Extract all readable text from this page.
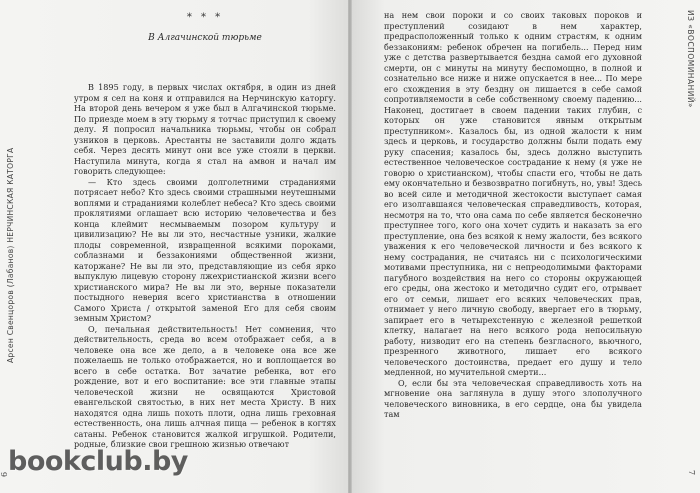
Арсен Свенцоров (Лабанов) НЕРЧИНСКАЯ КАТОРГА
* * *
В Алгачинской тюрьме

В 1895 году, в первых числах октября, в один из дней утром я сел на коня и отправился на Нерчинскую каторгу. На второй день вечером я уже был в Алгачинской тюрьме. По приезде моем в эту тюрьму я тотчас приступил к своему делу. Я попросил начальника тюрьмы, чтобы он собрал узников в церковь. Арестанты не заставили долго ждать себя. Через десять минут они все уже стояли в церкви. Наступила минута, когда я стал на амвон и начал им говорить следующее:

— Кто здесь своими долголетними страданиями потрясает небо? Кто здесь своими страшными неутешными воплями и страданиями колеблет небеса? Кто здесь своими проклятиями оглашает всю историю человечества и без конца клеймит несмываемым позором культуру и цивилизацию? Не вы ли это, несчастные узники, жалкие плоды современной, извращенной всякими пороками, соблазнами и беззакониями общественной жизни, каторжане? Не вы ли это, представляющие из себя ярко выпуклую лицевую сторону лжехристианской жизни всего христианского мира? Не вы ли это, верные показатели постыдного неверия всего христианства в отношении Самого Христа / открытой заменой Его для себя своим земным Христом?

О, печальная действительность! Нет сомнения, что действительность, среда во всем отображает себя, а в человеке она все же дело, а в человеке она все же пожелаешь не только отображается, но и воплощается во всего в себе остатка. Вот зачатие ребенка, вот его рождение, вот и его воспитание: все эти главные этапы человеческой жизни не освящаются Христовой евангельской святостью, в них нет места Христу. В них находятся одна лишь похоть плоти, одна лишь греховная естественность, она лишь алчная пища — ребенок в когтях сатаны. Ребенок становится жалкой игрушкой. Родители, родные, близкие свои грешною жизнью отвечают

6

на нем свои пороки и со своих таковых пороков и преступлений созидают в нем характер, предрасположенный только к одним страстям, к одним беззакониям: ребенок обречен на погибель... Перед ним уже с детства развертывается бездна самой его духовной смерти, он с минуты на минуту беспомощно, в полной и сознательно все ниже и ниже опускается в нее... По мере его схождения в эту бездну он лишается в себе самой сопротивляемости в себе собственному своему падению... Наконец, достигает в своем падении таких глубин, с которых он уже становится явным открытым преступником». Казалось бы, из одной жалости к ним здесь и церковь, и государство должны были подать ему руку спасения; казалось бы, здесь должно выступить естественное человеческое сострадание к нему (я уже не говорю о христианском), чтобы спасти его, чтобы не дать ему окончательно и безвозвратно погибнуть, но, увы! Здесь во всей силе и методичной жестокости выступает самая его изолгавшаяся человеческая справедливость, которая, несмотря на то, что она сама по себе является бесконечно преступнее того, кого она хочет судить и наказать за его преступление, она без всякой к нему жалости, без всякого уважения к его человеческой личности и без всякого к нему сострадания, не считаясь ни с психологическими мотивами преступника, ни с непреодолимыми факторами пагубного воздействия на него со стороны окружающей его среды, она жестоко и методично судит его, отрывает его от семьи, лишает его всяких человеческих прав, отнимает у него личную свободу, ввергает его в тюрьму, запирает его в четырехстенную с железной решеткой клетку, налагает на него всякого рода непосильную работу, низводит его на степень безгласного, вьючного, презренного животного, лишает его всякого человеческого достоинства, предает его душу и тело медленной, но мучительной смерти...

О, если бы эта человеческая справедливость хоть на мгновение она заглянула в душу этого злополучного человеческого виновника, в его сердце, она бы увидела там

ИЗ «ВОСПОМИНАНИЙ»
7
bookclub.by
